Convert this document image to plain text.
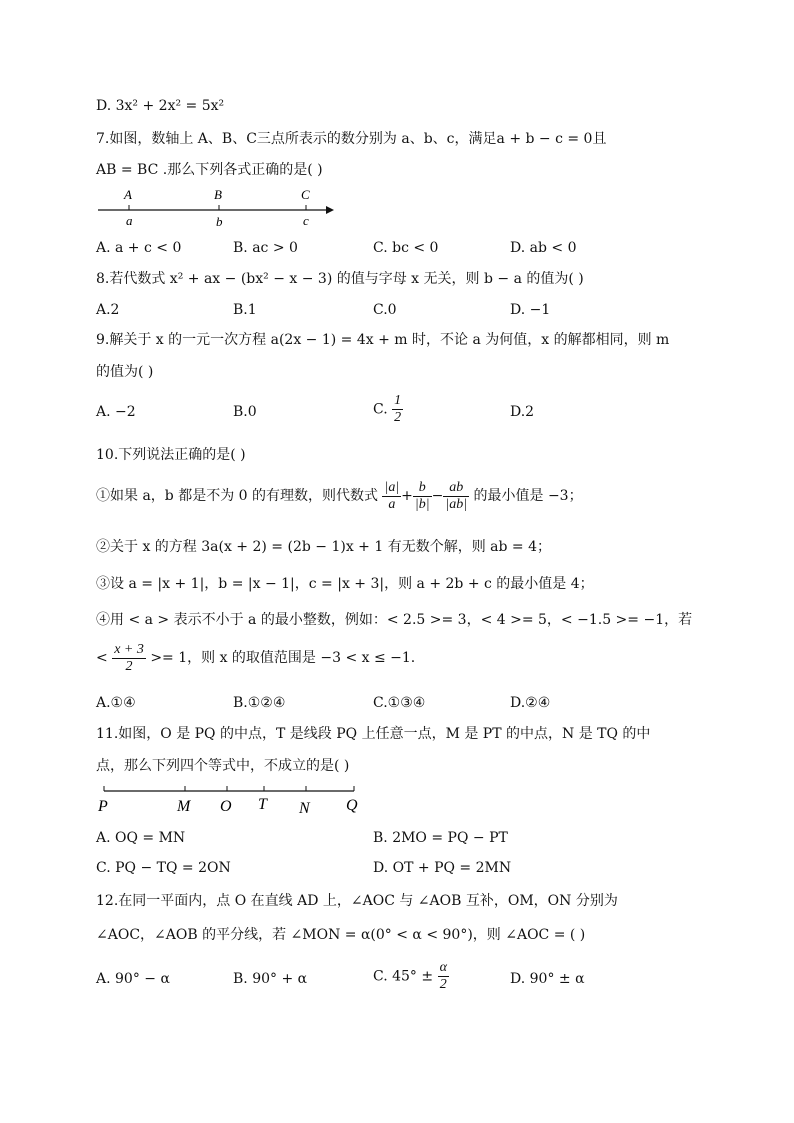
D. 3x² + 2x² = 5x²
7.如图，数轴上 A、B、C三点所表示的数分别为 a、b、c，满足a + b − c = 0且
AB = BC .那么下列各式正确的是( )
A	B	C
a	b	c
A. a + c < 0	B. ac > 0	C. bc < 0	D. ab < 0
8.若代数式 x² + ax − (bx² − x − 3) 的值与字母 x 无关，则 b − a 的值为( )
A.2	B.1	C.0	D. −1
9.解关于 x 的一元一次方程 a(2x − 1) = 4x + m 时，不论 a 为何值，x 的解都相同，则 m
的值为( )
A. −2	B.0	C. $\frac{1}{2}$	D.2
10.下列说法正确的是( )
①如果 a，b 都是不为 0 的有理数，则代数式 $\frac{|a|}{a} + \frac{b}{|b|} - \frac{ab}{|ab|}$ 的最小值是 −3；
②关于 x 的方程 3a(x + 2) = (2b − 1)x + 1 有无数个解，则 ab = 4；
③设 a = |x + 1|，b = |x − 1|，c = |x + 3|，则 a + 2b + c 的最小值是 4；
④用 < a > 表示不小于 a 的最小整数，例如：< 2.5 >= 3，< 4 >= 5，< −1.5 >= −1，若
< $\frac{x + 3}{2} >= 1$，则 x 的取值范围是 −3 < x ≤ −1.
A.①④	B.①②④	C.①③④	D.②④
11.如图，O 是 PQ 的中点，T 是线段 PQ 上任意一点，M 是 PT 的中点，N 是 TQ 的中
点，那么下列四个等式中，不成立的是( )
P	M O T N Q
A. OQ = MN	B. 2MO = PQ − PT
C. PQ − TQ = 2ON	D. OT + PQ = 2MN
12.在同一平面内，点 O 在直线 AD 上，∠AOC 与 ∠AOB 互补，OM，ON 分别为
∠AOC，∠AOB 的平分线，若 ∠MON = α(0° < α < 90°)，则 ∠AOC = ( )
A. 90° − α	B. 90° + α	C. $45^\circ \pm \frac{\alpha}{2}$	D. 90° ± α
